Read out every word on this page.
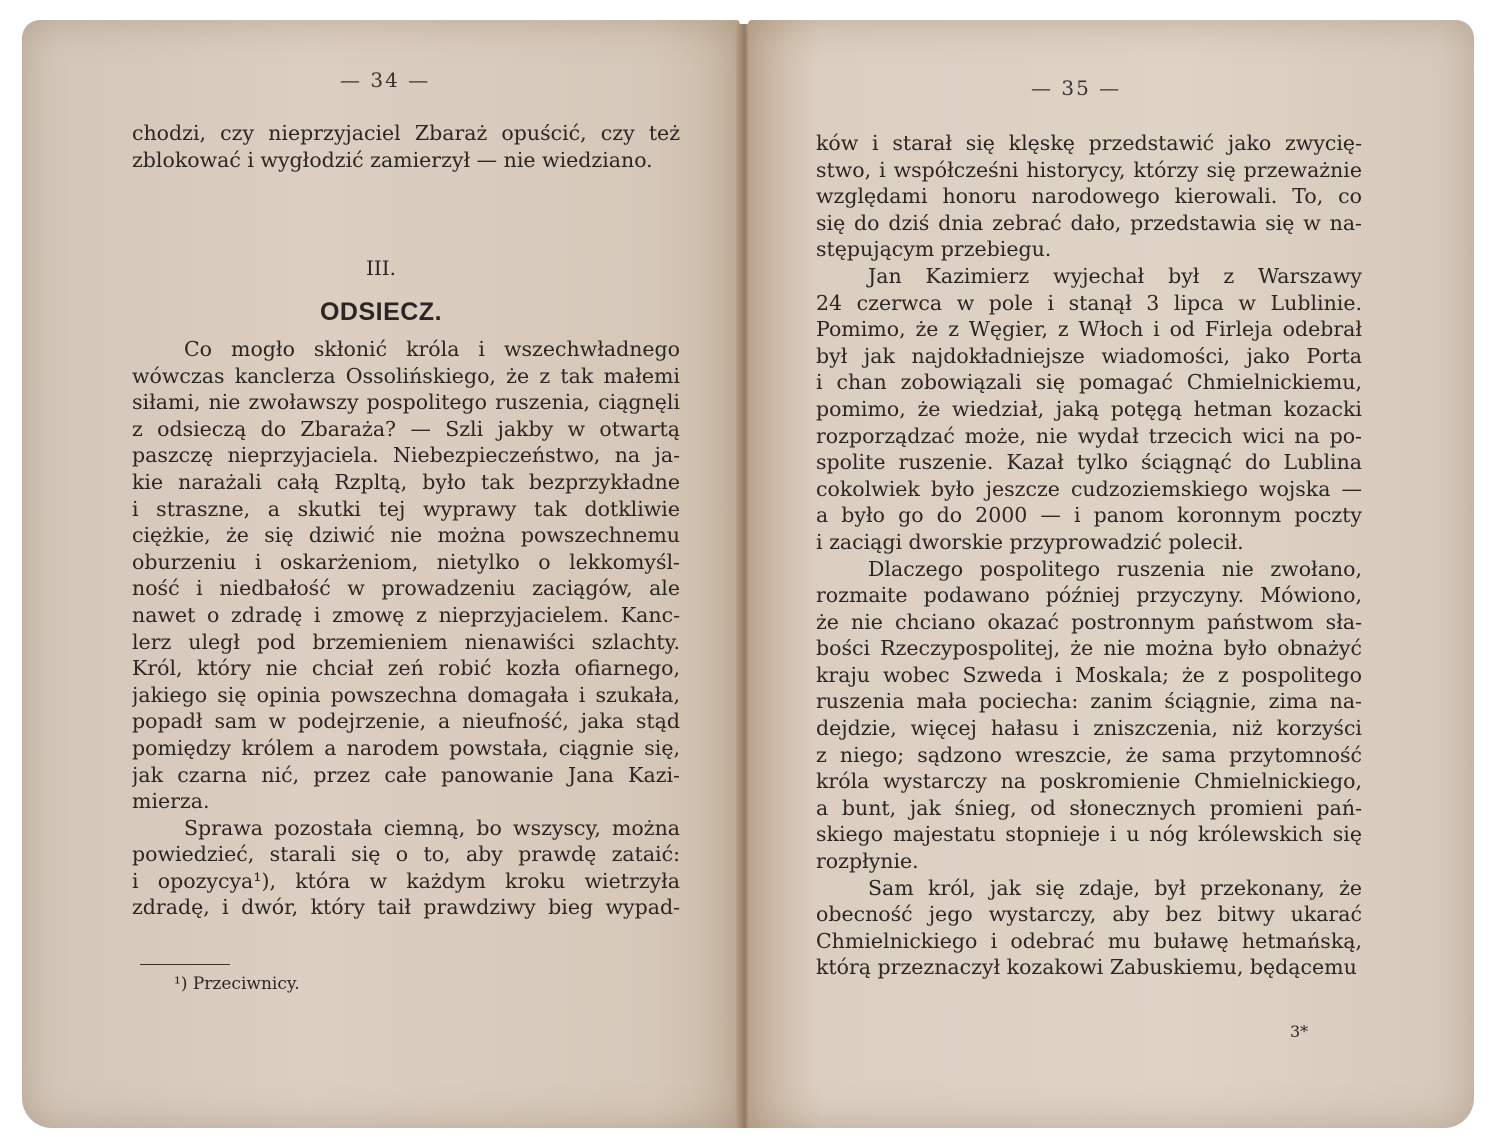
— 34 —
chodzi, czy nieprzyjaciel Zbaraż opuścić, czy też
zblokować i wygłodzić zamierzył — nie wiedziano.
III.
ODSIECZ.
Co mogło skłonić króla i wszechwładnego
wówczas kanclerza Ossolińskiego, że z tak małemi
siłami, nie zwoławszy pospolitego ruszenia, ciągnęli
z odsieczą do Zbaraża? — Szli jakby w otwartą
paszczę nieprzyjaciela. Niebezpieczeństwo, na ja-
kie narażali całą Rzpltą, było tak bezprzykładne
i straszne, a skutki tej wyprawy tak dotkliwie
ciężkie, że się dziwić nie można powszechnemu
oburzeniu i oskarżeniom, nietylko o lekkomyśl-
ność i niedbałość w prowadzeniu zaciągów, ale
nawet o zdradę i zmowę z nieprzyjacielem. Kanc-
lerz uległ pod brzemieniem nienawiści szlachty.
Król, który nie chciał zeń robić kozła ofiarnego,
jakiego się opinia powszechna domagała i szukała,
popadł sam w podejrzenie, a nieufność, jaka stąd
pomiędzy królem a narodem powstała, ciągnie się,
jak czarna nić, przez całe panowanie Jana Kazi-
mierza.
Sprawa pozostała ciemną, bo wszyscy, można
powiedzieć, starali się o to, aby prawdę zataić:
i opozycya¹), która w każdym kroku wietrzyła
zdradę, i dwór, który taił prawdziwy bieg wypad-
¹) Przeciwnicy.
— 35 —
ków i starał się klęskę przedstawić jako zwycię-
stwo, i współcześni historycy, którzy się przeważnie
względami honoru narodowego kierowali. To, co
się do dziś dnia zebrać dało, przedstawia się w na-
stępującym przebiegu.
Jan Kazimierz wyjechał był z Warszawy
24 czerwca w pole i stanął 3 lipca w Lublinie.
Pomimo, że z Węgier, z Włoch i od Firleja odebrał
był jak najdokładniejsze wiadomości, jako Porta
i chan zobowiązali się pomagać Chmielnickiemu,
pomimo, że wiedział, jaką potęgą hetman kozacki
rozporządzać może, nie wydał trzecich wici na po-
spolite ruszenie. Kazał tylko ściągnąć do Lublina
cokolwiek było jeszcze cudzoziemskiego wojska —
a było go do 2000 — i panom koronnym poczty
i zaciągi dworskie przyprowadzić polecił.
Dlaczego pospolitego ruszenia nie zwołano,
rozmaite podawano później przyczyny. Mówiono,
że nie chciano okazać postronnym państwom sła-
bości Rzeczypospolitej, że nie można było obnażyć
kraju wobec Szweda i Moskala; że z pospolitego
ruszenia mała pociecha: zanim ściągnie, zima na-
dejdzie, więcej hałasu i zniszczenia, niż korzyści
z niego; sądzono wreszcie, że sama przytomność
króla wystarczy na poskromienie Chmielnickiego,
a bunt, jak śnieg, od słonecznych promieni pań-
skiego majestatu stopnieje i u nóg królewskich się
rozpłynie.
Sam król, jak się zdaje, był przekonany, że
obecność jego wystarczy, aby bez bitwy ukarać
Chmielnickiego i odebrać mu buławę hetmańską,
którą przeznaczył kozakowi Zabuskiemu, będącemu
3*
